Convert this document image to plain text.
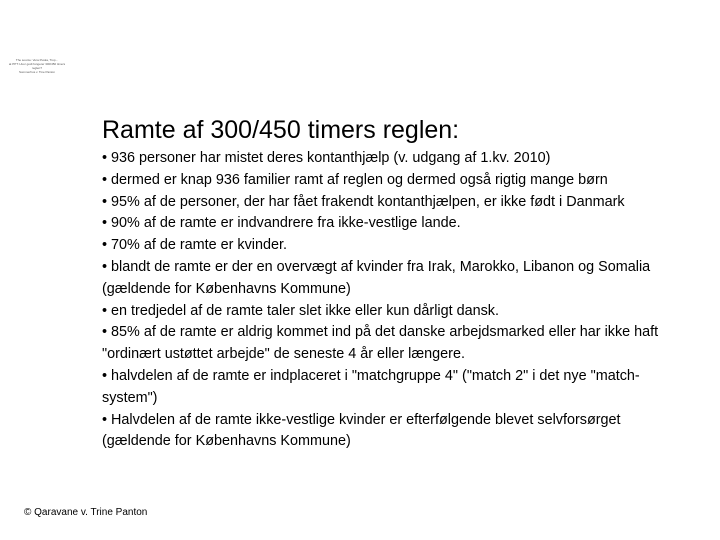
The source: Vera Puska, Trop...
at PPT: Hvor godt fungerer 300/450 timers reglen?
Sommerhus v. Tine Panton
Ramte af 300/450 timers reglen:
• 936 personer har mistet deres kontanthjælp (v. udgang af 1.kv. 2010)
• dermed er knap 936 familier ramt af reglen og dermed også rigtig mange børn
• 95% af de personer, der har fået frakendt kontanthjælpen, er ikke født i Danmark
• 90% af de ramte er indvandrere fra ikke-vestlige lande.
• 70% af de ramte er kvinder.
• blandt de ramte er der en overvægt af kvinder fra Irak, Marokko, Libanon og Somalia (gældende for Københavns Kommune)
• en tredjedel af de ramte taler slet ikke eller kun dårligt dansk.
• 85% af de ramte er aldrig kommet ind på det danske arbejdsmarked eller har ikke haft "ordinært ustøttet arbejde" de seneste 4 år eller længere.
• halvdelen af de ramte er indplaceret i "matchgruppe 4" ("match 2" i det nye "match-system")
• Halvdelen af de ramte ikke-vestlige kvinder er efterfølgende blevet selvforsørget (gældende for Københavns Kommune)
© Qaravane v. Trine Panton
